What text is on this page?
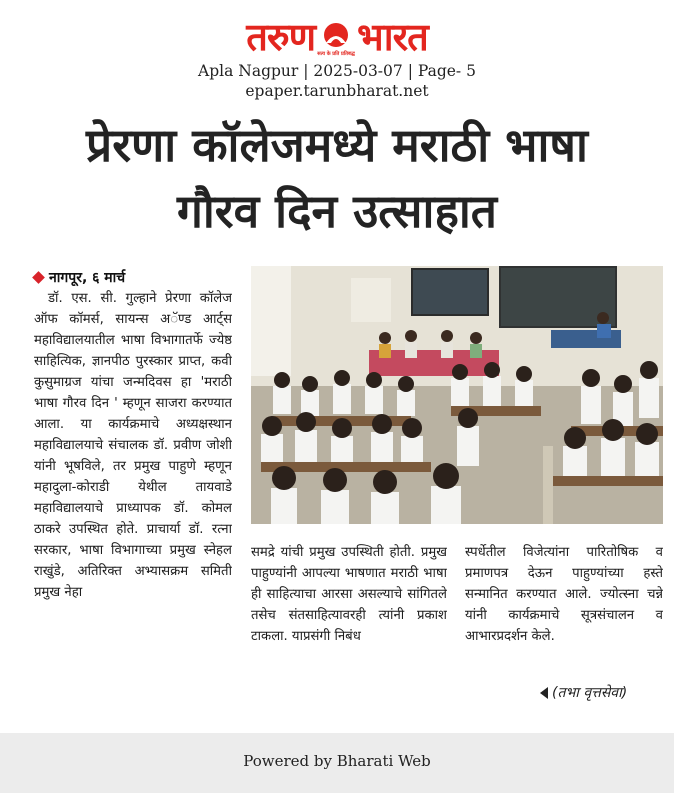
तरुण सत्य के प्रति प्रतिबद्ध भारत
Apla Nagpur | 2025-03-07 | Page- 5
epaper.tarunbharat.net
प्रेरणा कॉलेजमध्ये मराठी भाषा
गौरव दिन उत्साहात
नागपूर, ६ मार्च
डॉ. एस. सी. गुल्हाने प्रेरणा कॉलेज ऑफ कॉमर्स, सायन्स अॅण्ड आर्ट्स महाविद्यालयातील भाषा विभागातर्फे ज्येष्ठ साहित्यिक, ज्ञानपीठ पुरस्कार प्राप्त, कवी कुसुमाग्रज यांचा जन्मदिवस हा 'मराठी भाषा गौरव दिन ' म्हणून साजरा करण्यात आला. या कार्यक्रमाचे अध्यक्षस्थान महाविद्यालयाचे संचालक डॉ. प्रवीण जोशी यांनी भूषविले, तर प्रमुख पाहुणे म्हणून महादुला-कोराडी येथील तायवाडे महाविद्यालयाचे प्राध्यापक डॉ. कोमल ठाकरे उपस्थित होते. प्राचार्या डॉ. रत्ना सरकार, भाषा विभागाच्या प्रमुख स्नेहल राखुंडे, अतिरिक्त अभ्यासक्रम समिती प्रमुख नेहा
समद्रे यांची प्रमुख उपस्थिती होती. प्रमुख पाहुण्यांनी आपल्या भाषणात मराठी भाषा ही साहित्याचा आरसा असल्याचे सांगितले तसेच संतसाहित्यावरही त्यांनी प्रकाश टाकला. याप्रसंगी निबंध
स्पर्धेतील विजेत्यांना पारितोषिक व प्रमाणपत्र देऊन पाहुण्यांच्या हस्ते सन्मानित करण्यात आले. ज्योत्स्ना चन्ने यांनी कार्यक्रमाचे सूत्रसंचालन व आभारप्रदर्शन केले.
(तभा वृत्तसेवा)
Powered by Bharati Web
